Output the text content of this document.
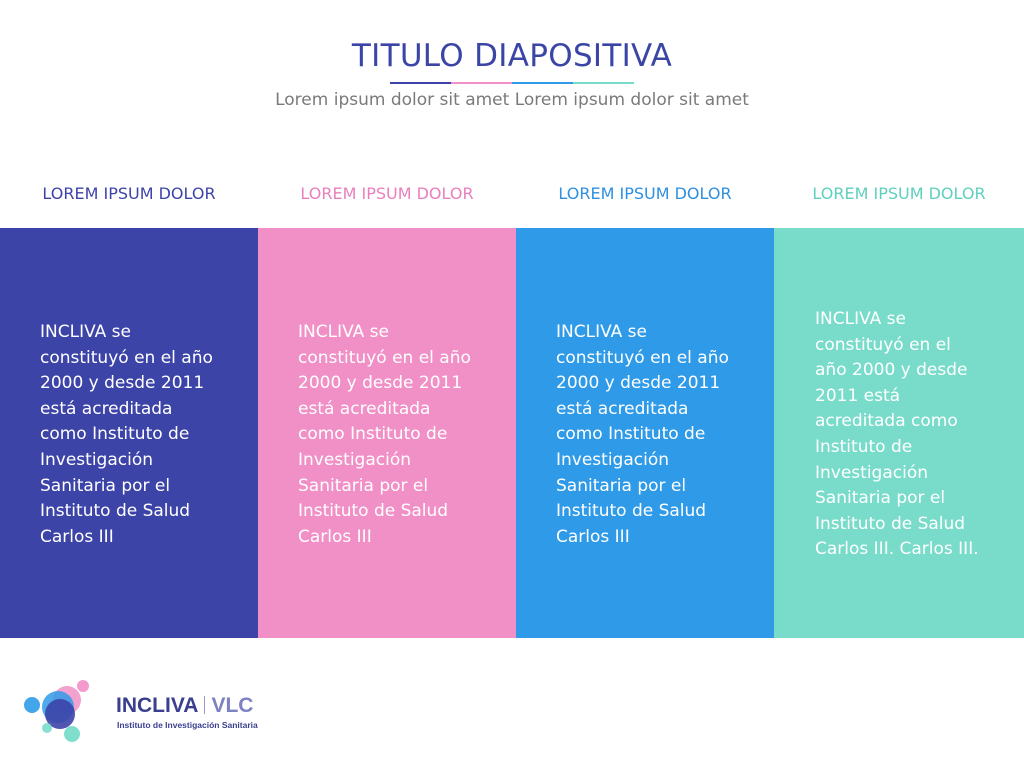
TITULO DIAPOSITIVA
Lorem ipsum dolor sit amet Lorem ipsum dolor sit amet
LOREM IPSUM DOLOR	LOREM IPSUM DOLOR	LOREM IPSUM DOLOR	LOREM IPSUM DOLOR
INCLIVA se constituyó en el año 2000 y desde 2011 está acreditada como Instituto de Investigación Sanitaria por el Instituto de Salud Carlos III
INCLIVA se constituyó en el año 2000 y desde 2011 está acreditada como Instituto de Investigación Sanitaria por el Instituto de Salud Carlos III
INCLIVA se constituyó en el año 2000 y desde 2011 está acreditada como Instituto de Investigación Sanitaria por el Instituto de Salud Carlos III
INCLIVA se constituyó en el año 2000 y desde 2011 está acreditada como Instituto de Investigación Sanitaria por el Instituto de Salud Carlos III. Carlos III.
INCLIVA VLC
Instituto de Investigación Sanitaria
